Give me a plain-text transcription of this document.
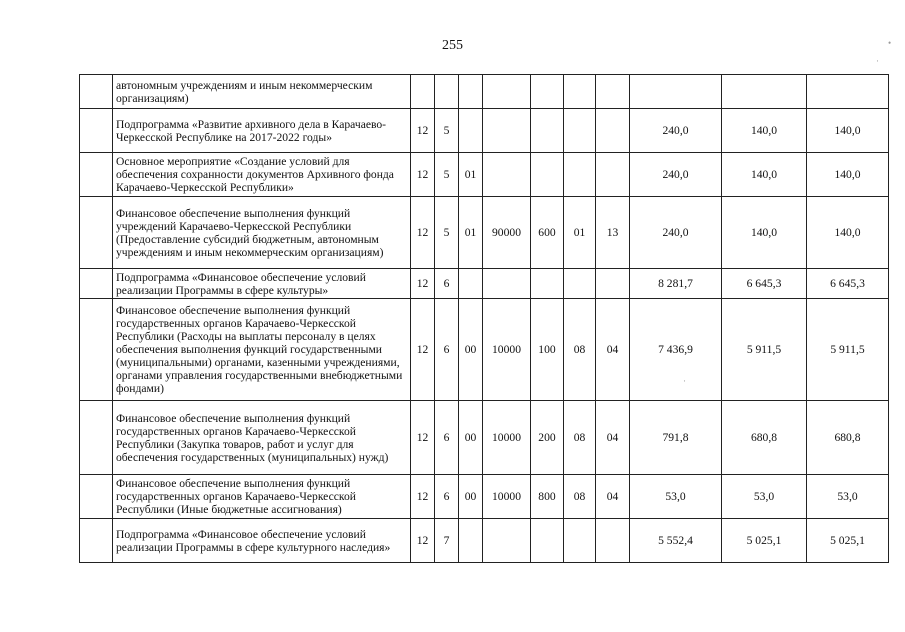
255
	автономным учреждениям и иным некоммерческим организациям)										
	Подпрограмма «Развитие архивного дела в Карачаево-Черкесской Республике на 2017-2022 годы»	12	5						240,0	140,0	140,0
	Основное мероприятие «Создание условий для обеспечения сохранности документов Архивного фонда Карачаево-Черкесской Республики»	12	5	01					240,0	140,0	140,0
	Финансовое обеспечение выполнения функций учреждений Карачаево-Черкесской Республики (Предоставление субсидий бюджетным, автономным учреждениям и иным некоммерческим организациям)	12	5	01	90000	600	01	13	240,0	140,0	140,0
	Подпрограмма «Финансовое обеспечение условий реализации Программы в сфере культуры»	12	6						8 281,7	6 645,3	6 645,3
	Финансовое обеспечение выполнения функций государственных органов Карачаево-Черкесской Республики (Расходы на выплаты персоналу в целях обеспечения выполнения функций государственными (муниципальными) органами, казенными учреждениями, органами управления государственными внебюджетными фондами)	12	6	00	10000	100	08	04	7 436,9	5 911,5	5 911,5
	Финансовое обеспечение выполнения функций государственных органов Карачаево-Черкесской Республики (Закупка товаров, работ и услуг для обеспечения государственных (муниципальных) нужд)	12	6	00	10000	200	08	04	791,8	680,8	680,8
	Финансовое обеспечение выполнения функций государственных органов Карачаево-Черкесской Республики (Иные бюджетные ассигнования)	12	6	00	10000	800	08	04	53,0	53,0	53,0
	Подпрограмма «Финансовое обеспечение условий реализации Программы в сфере культурного наследия»	12	7						5 552,4	5 025,1	5 025,1
•
·
·
